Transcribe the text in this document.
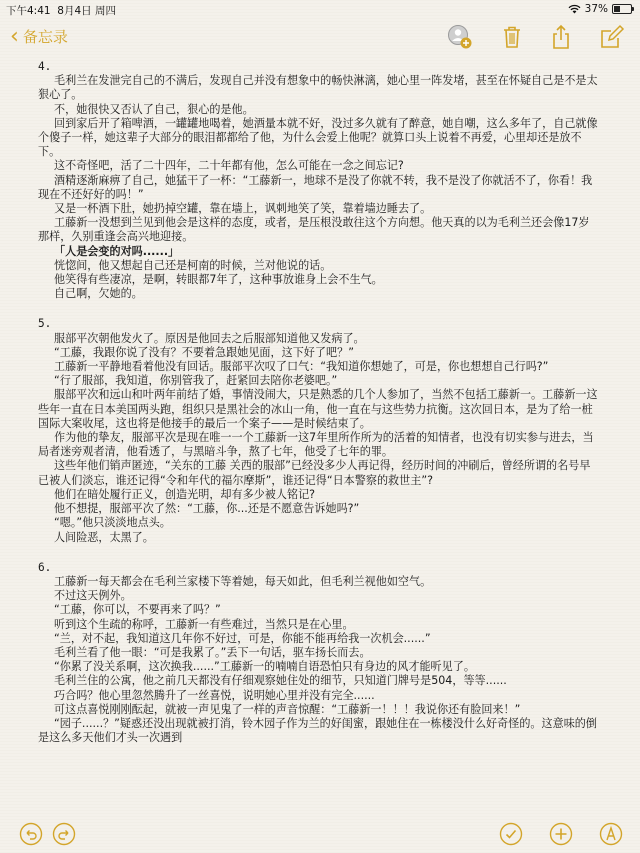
下午4:41 8月4日 周四	37%
‹ 备忘录

4.

毛利兰在发泄完自己的不满后，发现自己并没有想象中的畅快淋漓，她心里一阵发堵，甚至在怀疑自己是不是太狠心了。

不，她很快又否认了自己，狠心的是他。

回到家后开了箱啤酒，一罐罐地喝着，她酒量本就不好，没过多久就有了醉意，她自嘲，这么多年了，自己就像个傻子一样，她这辈子大部分的眼泪都都给了他，为什么会爱上他呢？就算口头上说着不再爱，心里却还是放不下。

这不奇怪吧，活了二十四年，二十年都有他，怎么可能在一念之间忘记?

酒精逐渐麻痹了自己，她猛干了一杯：“工藤新一，地球不是没了你就不转，我不是没了你就活不了，你看！我现在不还好好的吗！”

又是一杯酒下肚，她扔掉空罐，靠在墙上，讽刺地笑了笑，靠着墙边睡去了。

工藤新一没想到兰见到他会是这样的态度，或者，是压根没敢往这个方向想。他天真的以为毛利兰还会像17岁那样，久别重逢会高兴地迎接。

「人是会变的对吗......」

恍惚间，他又想起自己还是柯南的时候，兰对他说的话。

他笑得有些凄凉，是啊，转眼都7年了，这种事放谁身上会不生气。

自己啊，欠她的。

5.

服部平次朝他发火了。原因是他回去之后服部知道他又发病了。

“工藤，我跟你说了没有？不要着急跟她见面，这下好了吧？”

工藤新一平静地看着他没有回话。服部平次叹了口气：“我知道你想她了，可是，你也想想自己行吗?”

“行了服部，我知道，你别管我了，赶紧回去陪你老婆吧。”

服部平次和远山和叶两年前结了婚，事情没闹大，只是熟悉的几个人参加了，当然不包括工藤新一。工藤新一这些年一直在日本美国两头跑，组织只是黑社会的冰山一角，他一直在与这些势力抗衡。这次回日本，是为了给一桩国际大案收尾，这也将是他接手的最后一个案子——是时候结束了。

作为他的挚友，服部平次是现在唯一一个工藤新一这7年里所作所为的活着的知情者，也没有切实参与进去，当局者迷旁观者清，他看透了，与黑暗斗争，熬了七年，他受了七年的罪。

这些年他们销声匿迹，“关东的工藤 关西的服部”已经没多少人再记得，经历时间的冲刷后，曾经所谓的名号早已被人们淡忘，谁还记得“令和年代的福尔摩斯”，谁还记得“日本警察的救世主”?

他们在暗处履行正义，创造光明，却有多少被人铭记?

他不想提，服部平次了然：“工藤，你...还是不愿意告诉她吗?”

“嗯。”他只淡淡地点头。

人间险恶，太黑了。

6.

工藤新一每天都会在毛利兰家楼下等着她，每天如此，但毛利兰视他如空气。

不过这天例外。

“工藤，你可以，不要再来了吗？”

听到这个生疏的称呼，工藤新一有些难过，当然只是在心里。

“兰，对不起，我知道这几年你不好过，可是，你能不能再给我一次机会......”

毛利兰看了他一眼：“可是我累了。”丢下一句话，驱车扬长而去。

“你累了没关系啊，这次换我......”工藤新一的喃喃自语恐怕只有身边的风才能听见了。

毛利兰住的公寓，他之前几天都没有仔细观察她住处的细节，只知道门牌号是504，等等......

巧合吗？他心里忽然腾升了一丝喜悦，说明她心里并没有完全......

可这点喜悦刚刚酝起，就被一声见鬼了一样的声音惊醒：“工藤新一！！！我说你还有脸回来！”

“园子......？”疑惑还没出现就被打消，铃木园子作为兰的好闺蜜，跟她住在一栋楼没什么好奇怪的。这意味的倒是这么多天他们才头一次遇到
